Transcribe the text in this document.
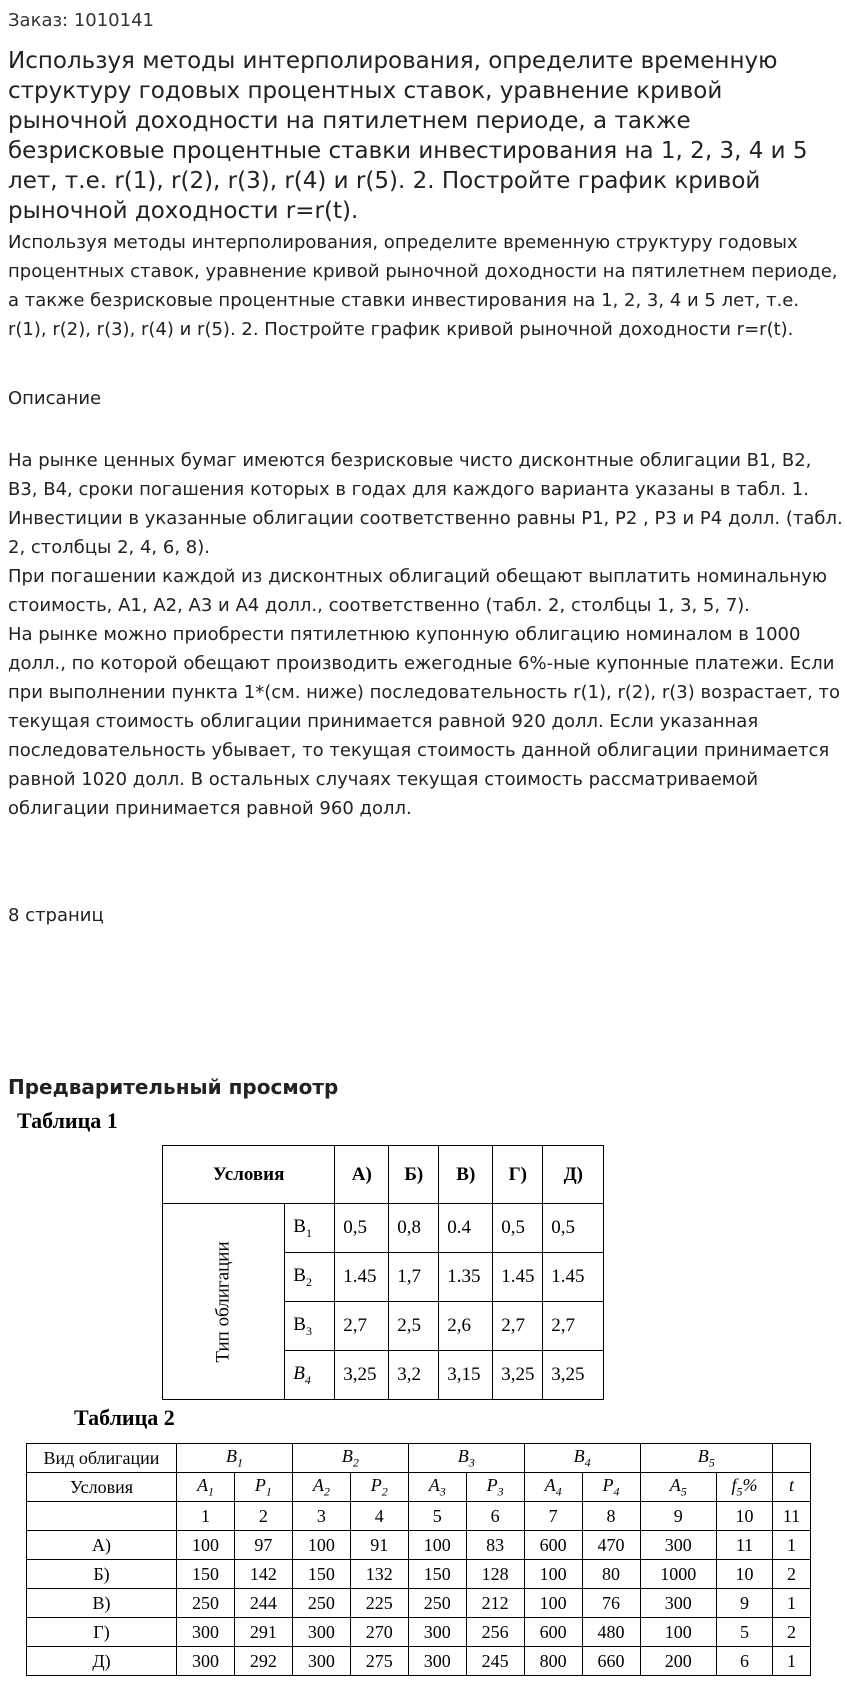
Заказ: 1010141
Используя методы интерполирования, определите временную структуру годовых процентных ставок, уравнение кривой рыночной доходности на пятилетнем периоде, а также безрисковые процентные ставки инвестирования на 1, 2, 3, 4 и 5 лет, т.е. r(1), r(2), r(3), r(4) и r(5). 2. Постройте график кривой рыночной доходности r=r(t).

Используя методы интерполирования, определите временную структуру годовых процентных ставок, уравнение кривой рыночной доходности на пятилетнем периоде, а также безрисковые процентные ставки инвестирования на 1, 2, 3, 4 и 5 лет, т.е. r(1), r(2), r(3), r(4) и r(5). 2. Постройте график кривой рыночной доходности r=r(t).

Описание

На рынке ценных бумаг имеются безрисковые чисто дисконтные облигации В1, В2, В3, В4, сроки погашения которых в годах для каждого варианта указаны в табл. 1.

Инвестиции в указанные облигации соответственно равны Р1, Р2 , Р3 и Р4 долл. (табл. 2, столбцы 2, 4, 6, 8).

При погашении каждой из дисконтных облигаций обещают выплатить номинальную стоимость, А1, А2, А3 и А4 долл., соответственно (табл. 2, столбцы 1, 3, 5, 7).

На рынке можно приобрести пятилетнюю купонную облигацию номиналом в 1000 долл., по которой обещают производить ежегодные 6%-ные купонные платежи. Если при выполнении пункта 1*(см. ниже) последовательность r(1), r(2), r(3) возрастает, то текущая стоимость облигации принимается равной 920 долл. Если указанная последовательность убывает, то текущая стоимость данной облигации принимается равной 1020 долл. В остальных случаях текущая стоимость рассматриваемой облигации принимается равной 960 долл.

8 страниц
Предварительный просмотр
Таблица 1
Условия		А)	Б)	В)	Г)	Д)
Тип облигации	$B_1$	0,5	0,8	0.4	0,5	0,5
	$B_2$	1.45	1,7	1.35	1.45	1.45
	$B_3$	2,7	2,5	2,6	2,7	2,7
	$B_4$	3,25	3,2	3,15	3,25	3,25
Таблица 2
Вид облигации	$B_1$		$B_2$		$B_3$		$B_4$		$B_5$	
Условия	$A_1$	$P_1$	$A_2$	$P_2$	$A_3$	$P_3$	$A_4$	$P_4$	$A_5$	$f_5\%$	t
	1	2	3	4	5	6	7	8	9	10	11
А)	100	97	100	91	100	83	600	470	300	11	1
Б)	150	142	150	132	150	128	100	80	1000	10	2
В)	250	244	250	225	250	212	100	76	300	9	1
Г)	300	291	300	270	300	256	600	480	100	5	2
Д)	300	292	300	275	300	245	800	660	200	6	1
